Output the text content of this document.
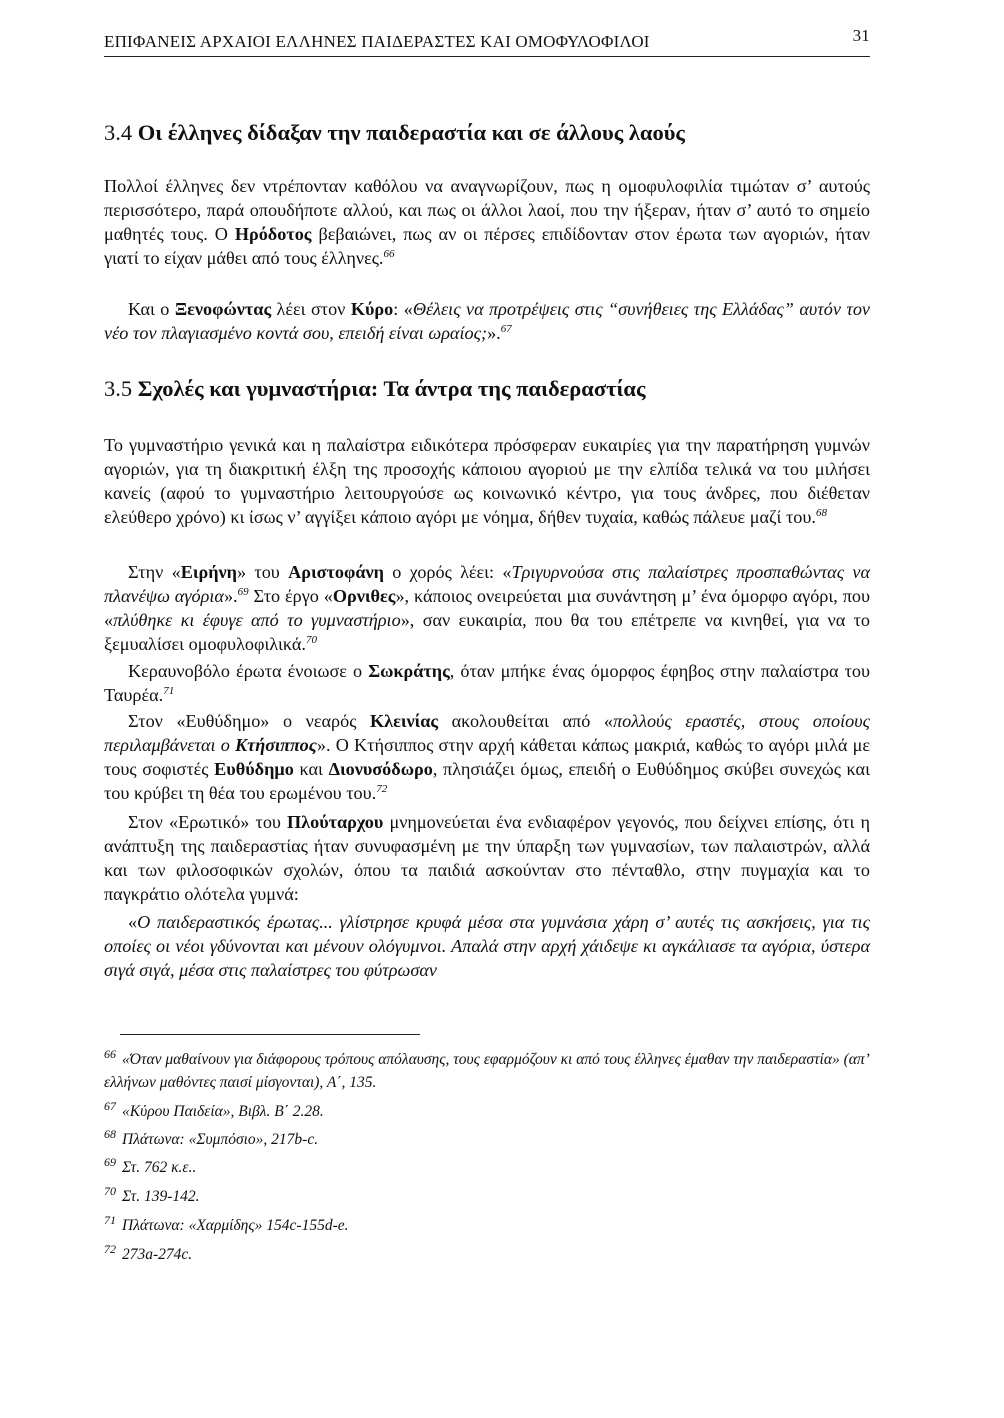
ΕΠΙΦΑΝΕΙΣ ΑΡΧΑΙΟΙ ΕΛΛΗΝΕΣ ΠΑΙΔΕΡΑΣΤΕΣ ΚΑΙ ΟΜΟΦΥΛΟΦΙΛΟΙ	31
3.4 Οι έλληνες δίδαξαν την παιδεραστία και σε άλλους λαούς

Πολλοί έλληνες δεν ντρέπονταν καθόλου να αναγνωρίζουν, πως η ομοφυλοφιλία τιμώταν σ’ αυτούς περισσότερο, παρά οπουδήποτε αλλού, και πως οι άλλοι λαοί, που την ήξεραν, ήταν σ’ αυτό το σημείο μαθητές τους. Ο Ηρόδοτος βεβαιώνει, πως αν οι πέρσες επιδίδονταν στον έρωτα των αγοριών, ήταν γιατί το είχαν μάθει από τους έλληνες.$^{66}$

Και ο Ξενοφώντας λέει στον Κύρο: «Θέλεις να προτρέψεις στις “συνήθειες της Ελλάδας” αυτόν τον νέο τον πλαγιασμένο κοντά σου, επειδή είναι ωραίος;».$^{67}$

3.5 Σχολές και γυμναστήρια: Τα άντρα της παιδεραστίας

Το γυμναστήριο γενικά και η παλαίστρα ειδικότερα πρόσφεραν ευκαιρίες για την παρατήρηση γυμνών αγοριών, για τη διακριτική έλξη της προσοχής κάποιου αγοριού με την ελπίδα τελικά να του μιλήσει κανείς (αφού το γυμναστήριο λειτουργούσε ως κοινωνικό κέντρο, για τους άνδρες, που διέθεταν ελεύθερο χρόνο) κι ίσως ν’ αγγίξει κάποιο αγόρι με νόημα, δήθεν τυχαία, καθώς πάλευε μαζί του.$^{68}$

Στην «Ειρήνη» του Αριστοφάνη ο χορός λέει: «Τριγυρνούσα στις παλαίστρες προσπαθώντας να πλανέψω αγόρια».$^{69}$ Στο έργο «Ορνιθες», κάποιος ονειρεύεται μια συνάντηση μ’ ένα όμορφο αγόρι, που «πλύθηκε κι έφυγε από το γυμναστήριο», σαν ευκαιρία, που θα του επέτρεπε να κινηθεί, για να το ξεμυαλίσει ομοφυλοφιλικά.$^{70}$

Κεραυνοβόλο έρωτα ένοιωσε ο Σωκράτης, όταν μπήκε ένας όμορφος έφηβος στην παλαίστρα του Ταυρέα.$^{71}$

Στον «Ευθύδημο» ο νεαρός Κλεινίας ακολουθείται από «πολλούς εραστές, στους οποίους περιλαμβάνεται ο Κτήσιππος». Ο Κτήσιππος στην αρχή κάθεται κάπως μακριά, καθώς το αγόρι μιλά με τους σοφιστές Ευθύδημο και Διονυσόδωρο, πλησιάζει όμως, επειδή ο Ευθύδημος σκύβει συνεχώς και του κρύβει τη θέα του ερωμένου του.$^{72}$

Στον «Ερωτικό» του Πλούταρχου μνημονεύεται ένα ενδιαφέρον γεγονός, που δείχνει επίσης, ότι η ανάπτυξη της παιδεραστίας ήταν συνυφασμένη με την ύπαρξη των γυμνασίων, των παλαιστρών, αλλά και των φιλοσοφικών σχολών, όπου τα παιδιά ασκούνταν στο πένταθλο, στην πυγμαχία και το παγκράτιο ολότελα γυμνά:

«Ο παιδεραστικός έρωτας... γλίστρησε κρυφά μέσα στα γυμνάσια χάρη σ’ αυτές τις ασκήσεις, για τις οποίες οι νέοι γδύνονται και μένουν ολόγυμνοι. Απαλά στην αρχή χάιδεψε κι αγκάλιασε τα αγόρια, ύστερα σιγά σιγά, μέσα στις παλαίστρες του φύτρωσαν

$^{66}$ «Όταν μαθαίνουν για διάφορους τρόπους απόλαυσης, τους εφαρμόζουν κι από τους έλληνες έμαθαν την παιδεραστία» (απ’ ελλήνων μαθόντες παισί μίσγονται), Α΄, 135.

$^{67}$ «Κύρου Παιδεία», Βιβλ. Β΄ 2.28.

$^{68}$ Πλάτωνα: «Συμπόσιο», 217b-c.

$^{69}$ Στ. 762 κ.ε..

$^{70}$ Στ. 139-142.

$^{71}$ Πλάτωνα: «Χαρμίδης» 154c-155d-e.

$^{72}$ 273a-274c.
